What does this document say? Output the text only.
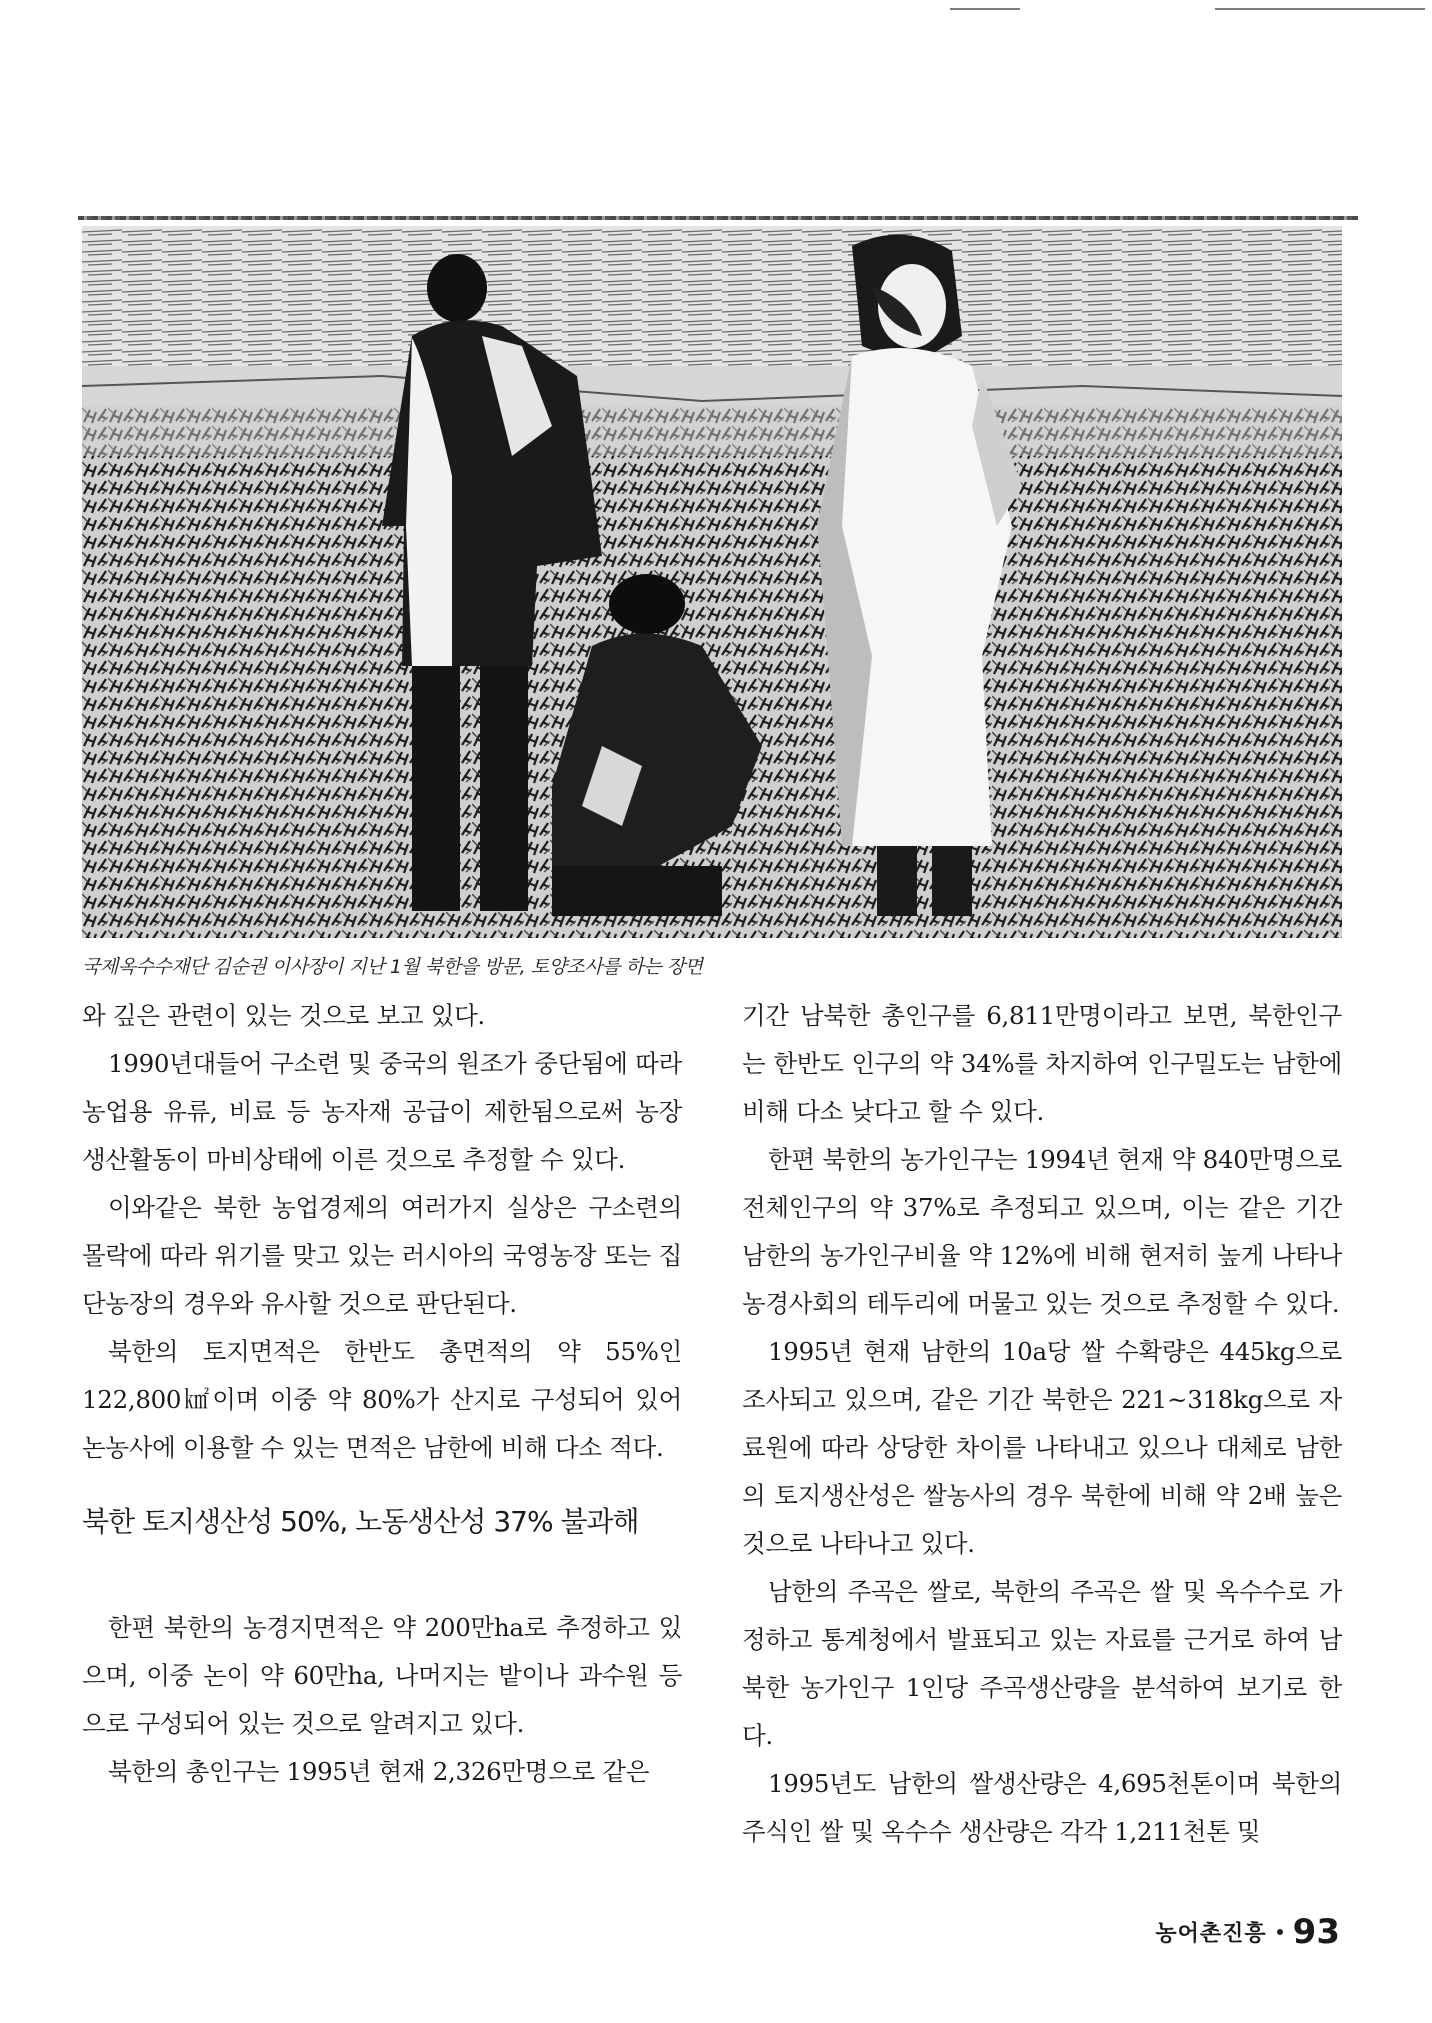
국제옥수수재단 김순권 이사장이 지난 1월 북한을 방문, 토양조사를 하는 장면

와 깊은 관련이 있는 것으로 보고 있다.

1990년대들어 구소련 및 중국의 원조가 중단됨에 따라 농업용 유류, 비료 등 농자재 공급이 제한됨으로써 농장 생산활동이 마비상태에 이른 것으로 추정할 수 있다.

이와같은 북한 농업경제의 여러가지 실상은 구소련의 몰락에 따라 위기를 맞고 있는 러시아의 국영농장 또는 집단농장의 경우와 유사할 것으로 판단된다.

북한의 토지면적은 한반도 총면적의 약 55%인 122,800㎢이며 이중 약 80%가 산지로 구성되어 있어 논농사에 이용할 수 있는 면적은 남한에 비해 다소 적다.

북한 토지생산성 50%, 노동생산성 37% 불과해

한편 북한의 농경지면적은 약 200만ha로 추정하고 있으며, 이중 논이 약 60만ha, 나머지는 밭이나 과수원 등으로 구성되어 있는 것으로 알려지고 있다.

북한의 총인구는 1995년 현재 2,326만명으로 같은

기간 남북한 총인구를 6,811만명이라고 보면, 북한인구는 한반도 인구의 약 34%를 차지하여 인구밀도는 남한에 비해 다소 낮다고 할 수 있다.

한편 북한의 농가인구는 1994년 현재 약 840만명으로 전체인구의 약 37%로 추정되고 있으며, 이는 같은 기간 남한의 농가인구비율 약 12%에 비해 현저히 높게 나타나 농경사회의 테두리에 머물고 있는 것으로 추정할 수 있다.

1995년 현재 남한의 10a당 쌀 수확량은 445kg으로 조사되고 있으며, 같은 기간 북한은 221~318kg으로 자료원에 따라 상당한 차이를 나타내고 있으나 대체로 남한의 토지생산성은 쌀농사의 경우 북한에 비해 약 2배 높은 것으로 나타나고 있다.

남한의 주곡은 쌀로, 북한의 주곡은 쌀 및 옥수수로 가정하고 통계청에서 발표되고 있는 자료를 근거로 하여 남북한 농가인구 1인당 주곡생산량을 분석하여 보기로 한다.

1995년도 남한의 쌀생산량은 4,695천톤이며 북한의 주식인 쌀 및 옥수수 생산량은 각각 1,211천톤 및

농어촌진흥 93
